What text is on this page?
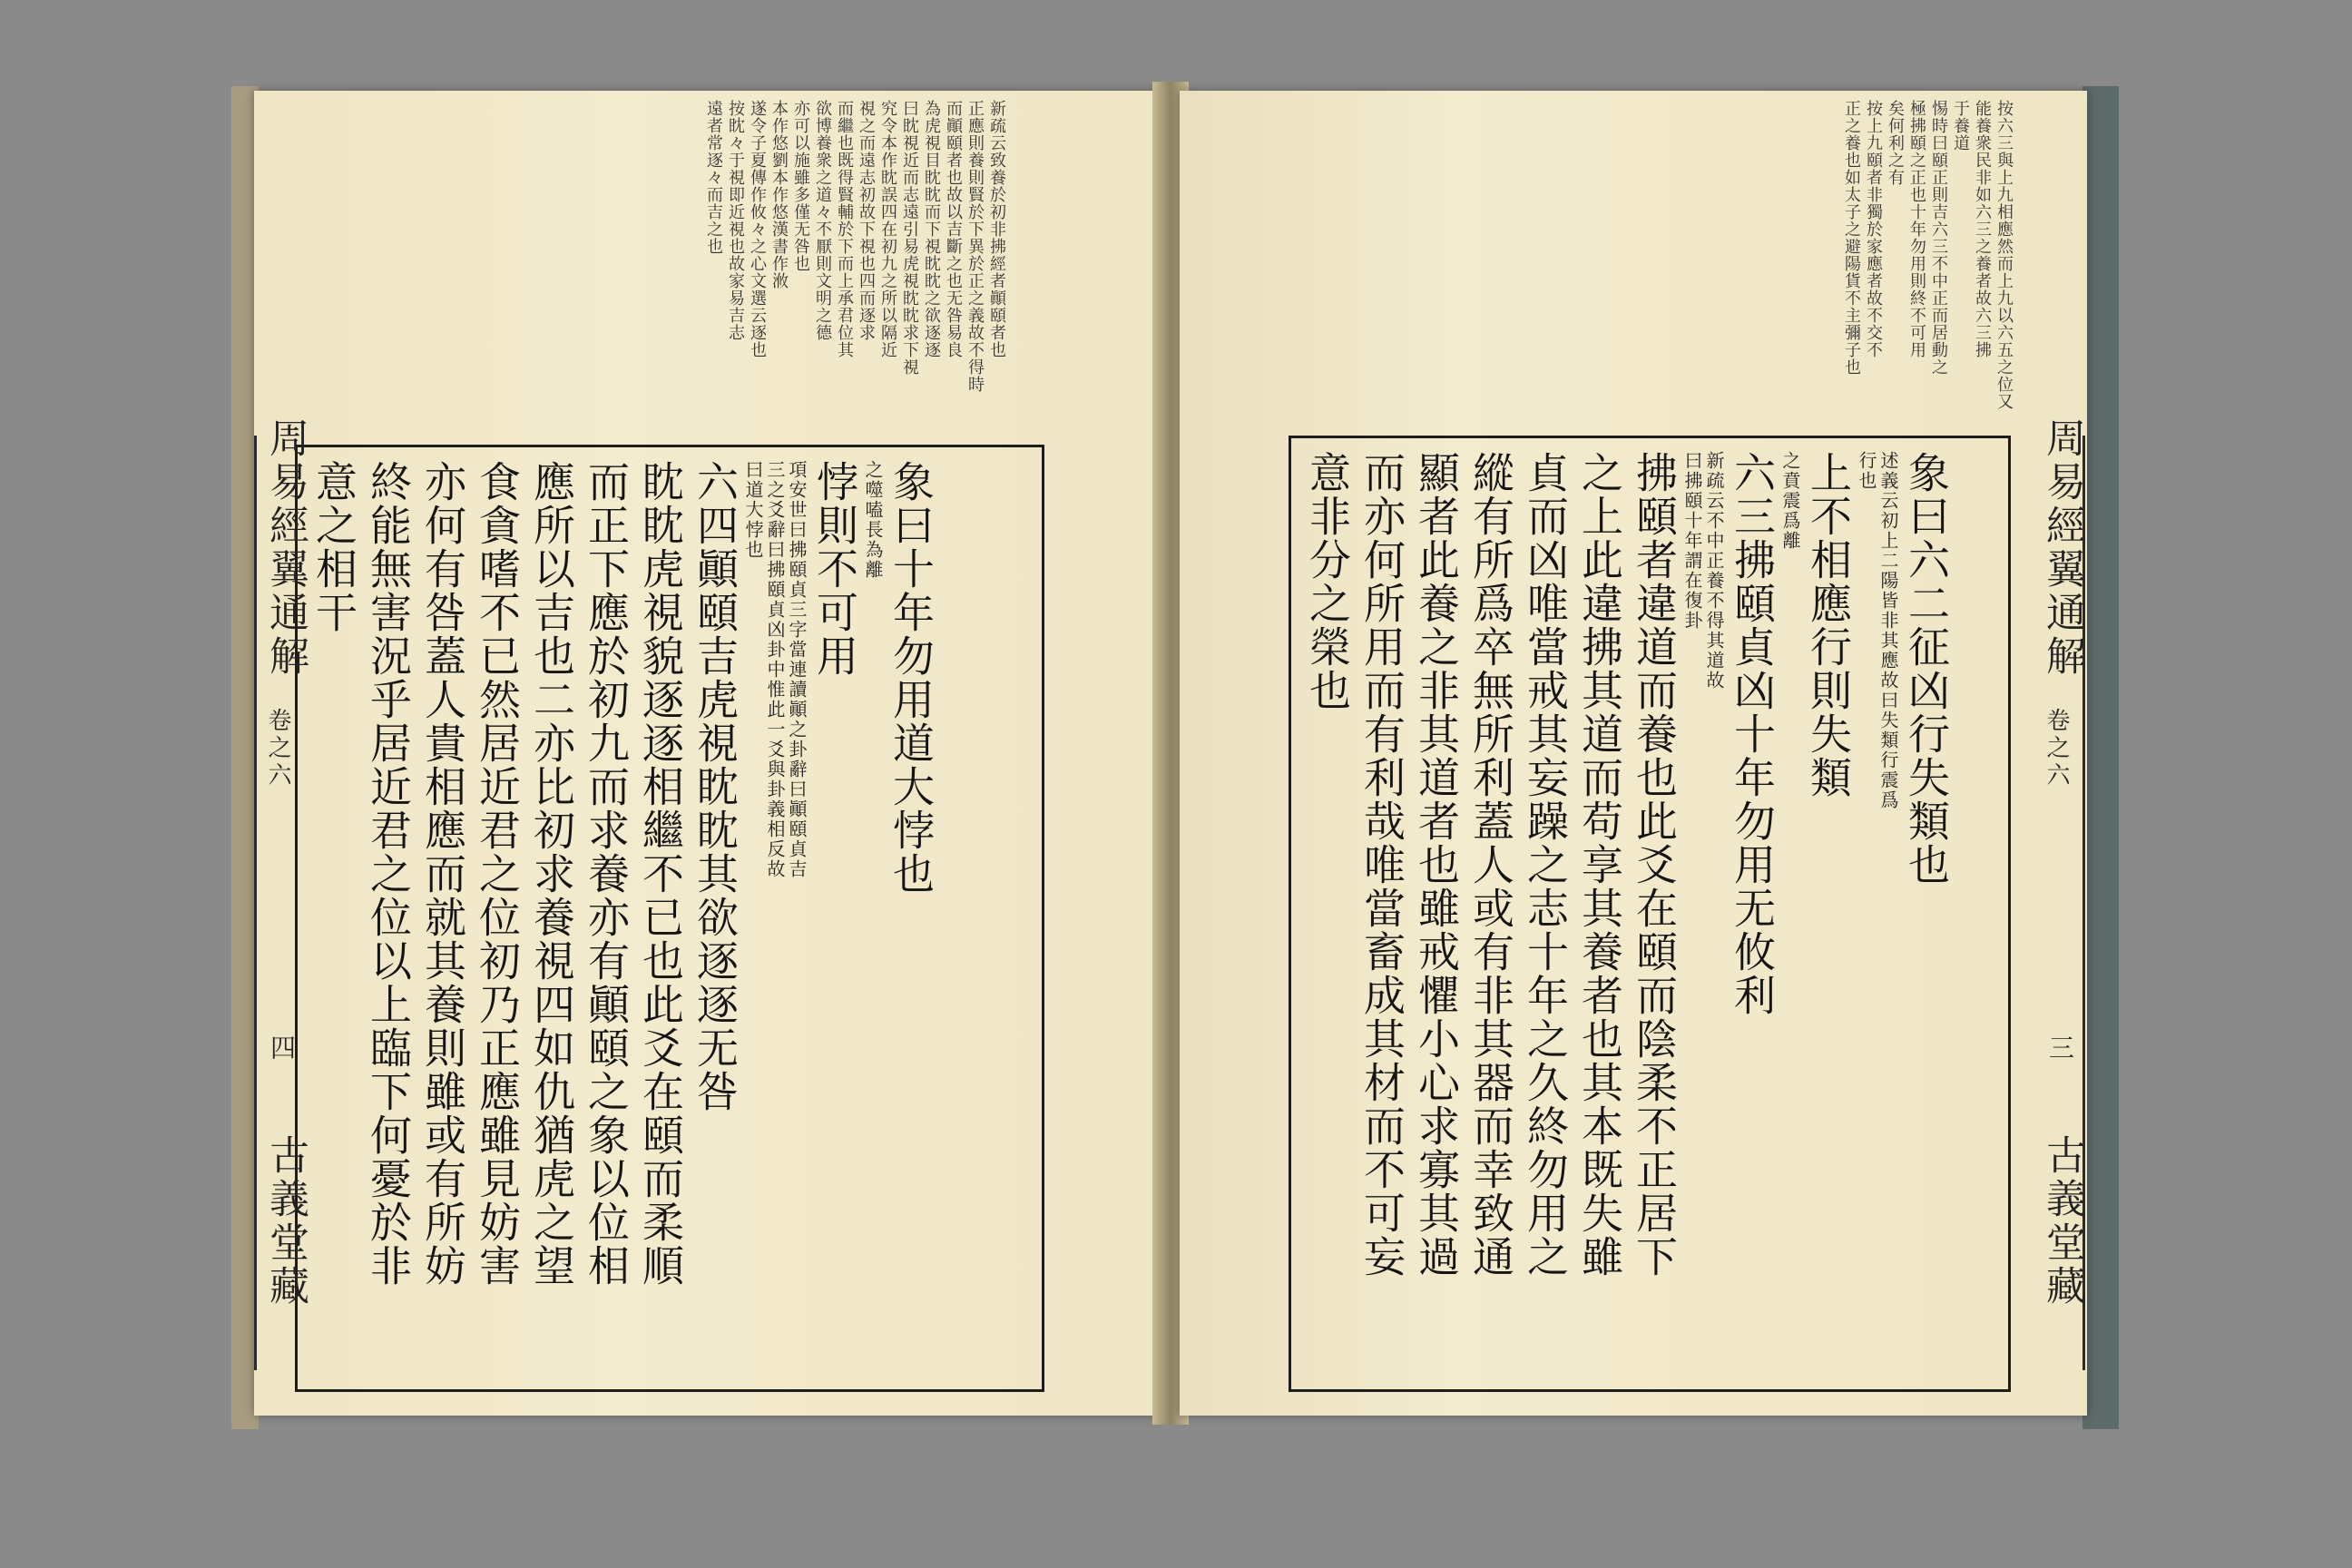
新疏云致養於初非拂經者顚頤者也
正應則養則賢於下異於正之義故不得時
而顚頤者也故以吉斷之也无咎易良
為虎視目眈眈而下視眈眈之欲逐逐
曰眈視近而志遠引易虎視眈眈求下視
究令本作眈誤四在初九之所以隔近
視之而遠志初故下視也四而逐求
而繼也既得賢輔於下而上承君位其
欲博養衆之道々不厭則文明之德
亦可以施雖多僅无咎也
本作悠劉本作悠漢書作浟
遂令子夏傳作攸々之心文選云逐也
按眈々于視即近視也故家易吉志
遠者常逐々而吉之也
象曰十年勿用道大悖也
之噬嗑長為離
悖則不可用
項安世曰拂頤貞三字當連讀顚之卦辭曰顚頤貞吉
三之爻辭曰拂頤貞凶卦中惟此一爻與卦義相反故
曰道大悖也
六四顚頤吉虎視眈眈其欲逐逐无咎
眈眈虎視貌逐逐相繼不已也此爻在頤而柔順
而正下應於初九而求養亦有顚頤之象以位相
應所以吉也二亦比初求養視四如仇猶虎之望
食貪嗜不已然居近君之位初乃正應雖見妨害
亦何有咎蓋人貴相應而就其養則雖或有所妨
終能無害況乎居近君之位以上臨下何憂於非
意之相干
周易經翼通解
卷之六
四
古義堂藏
按六三與上九相應然而上九以六五之位又
能養衆民非如六三之養者故六三拂
于養道
惕時曰頤正則吉六三不中正而居動之
極拂頤之正也十年勿用則終不可用
矣何利之有
按上九頤者非獨於家應者故不交不
正之養也如太子之避陽貨不主彌子也
象曰六二征凶行失類也
述義云初上二陽皆非其應故曰失類行震爲
行也
上不相應行則失類
之賁震爲離
六三拂頤貞凶十年勿用无攸利
新疏云不中正養不得其道故
曰拂頤十年謂在復卦
拂頤者違道而養也此爻在頤而陰柔不正居下
之上此違拂其道而苟享其養者也其本既失雖
貞而凶唯當戒其妄躁之志十年之久終勿用之
縱有所爲卒無所利蓋人或有非其器而幸致通
顯者此養之非其道者也雖戒懼小心求寡其過
而亦何所用而有利哉唯當畜成其材而不可妄
意非分之榮也	周易經翼通解
卷之六
三
古義堂藏
